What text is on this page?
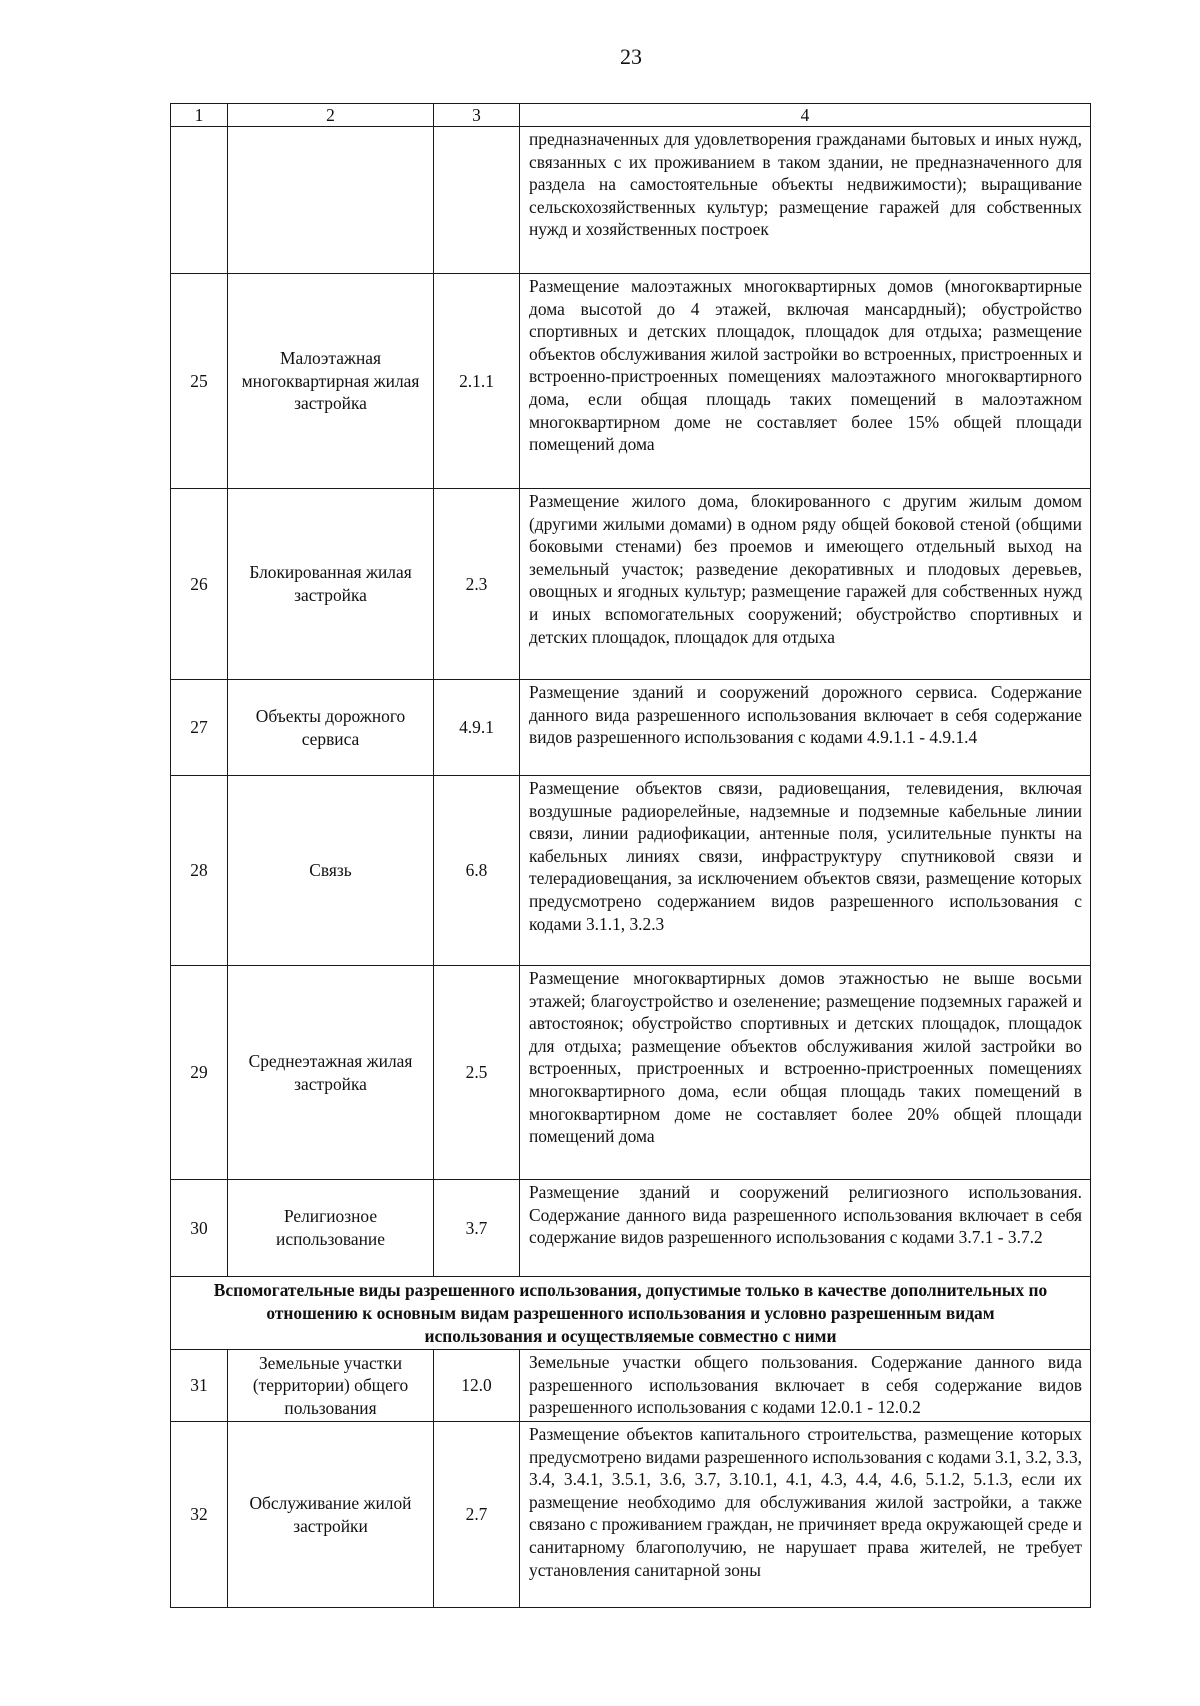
23
1	2	3	4

			предназначенных для удовлетворения гражданами бытовых и иных нужд, связанных с их проживанием в таком здании, не предназначенного для раздела на самостоятельные объекты недвижимости); выращивание сельскохозяйственных культур; размещение гаражей для собственных нужд и хозяйственных построек

25	Малоэтажная многоквартирная жилая застройка	2.1.1	Размещение малоэтажных многоквартирных домов (многоквартирные дома высотой до 4 этажей, включая мансардный); обустройство спортивных и детских площадок, площадок для отдыха; размещение объектов обслуживания жилой застройки во встроенных, пристроенных и встроенно-пристроенных помещениях малоэтажного многоквартирного дома, если общая площадь таких помещений в малоэтажном многоквартирном доме не составляет более 15% общей площади помещений дома

26	Блокированная жилая застройка	2.3	Размещение жилого дома, блокированного с другим жилым домом (другими жилыми домами) в одном ряду общей боковой стеной (общими боковыми стенами) без проемов и имеющего отдельный выход на земельный участок; разведение декоративных и плодовых деревьев, овощных и ягодных культур; размещение гаражей для собственных нужд и иных вспомогательных сооружений; обустройство спортивных и детских площадок, площадок для отдыха

27	Объекты дорожного сервиса	4.9.1	Размещение зданий и сооружений дорожного сервиса. Содержание данного вида разрешенного использования включает в себя содержание видов разрешенного использования с кодами 4.9.1.1 - 4.9.1.4

28	Связь	6.8	Размещение объектов связи, радиовещания, телевидения, включая воздушные радиорелейные, надземные и подземные кабельные линии связи, линии радиофикации, антенные поля, усилительные пункты на кабельных линиях связи, инфраструктуру спутниковой связи и телерадиовещания, за исключением объектов связи, размещение которых предусмотрено содержанием видов разрешенного использования с кодами 3.1.1, 3.2.3

29	Среднеэтажная жилая застройка	2.5	Размещение многоквартирных домов этажностью не выше восьми этажей; благоустройство и озеленение; размещение подземных гаражей и автостоянок; обустройство спортивных и детских площадок, площадок для отдыха; размещение объектов обслуживания жилой застройки во встроенных, пристроенных и встроенно-пристроенных помещениях многоквартирного дома, если общая площадь таких помещений в многоквартирном доме не составляет более 20% общей площади помещений дома

30	Религиозное использование	3.7	Размещение зданий и сооружений религиозного использования. Содержание данного вида разрешенного использования включает в себя содержание видов разрешенного использования с кодами 3.7.1 - 3.7.2

Вспомогательные виды разрешенного использования, допустимые только в качестве дополнительных по отношению к основным видам разрешенного использования и условно разрешенным видам использования и осуществляемые совместно с ними			
31	Земельные участки (территории) общего пользования	12.0	Земельные участки общего пользования. Содержание данного вида разрешенного использования включает в себя содержание видов разрешенного использования с кодами 12.0.1 - 12.0.2

32	Обслуживание жилой застройки	2.7	Размещение объектов капитального строительства, размещение которых предусмотрено видами разрешенного использования с кодами 3.1, 3.2, 3.3, 3.4, 3.4.1, 3.5.1, 3.6, 3.7, 3.10.1, 4.1, 4.3, 4.4, 4.6, 5.1.2, 5.1.3, если их размещение необходимо для обслуживания жилой застройки, а также связано с проживанием граждан, не причиняет вреда окружающей среде и санитарному благополучию, не нарушает права жителей, не требует установления санитарной зоны
